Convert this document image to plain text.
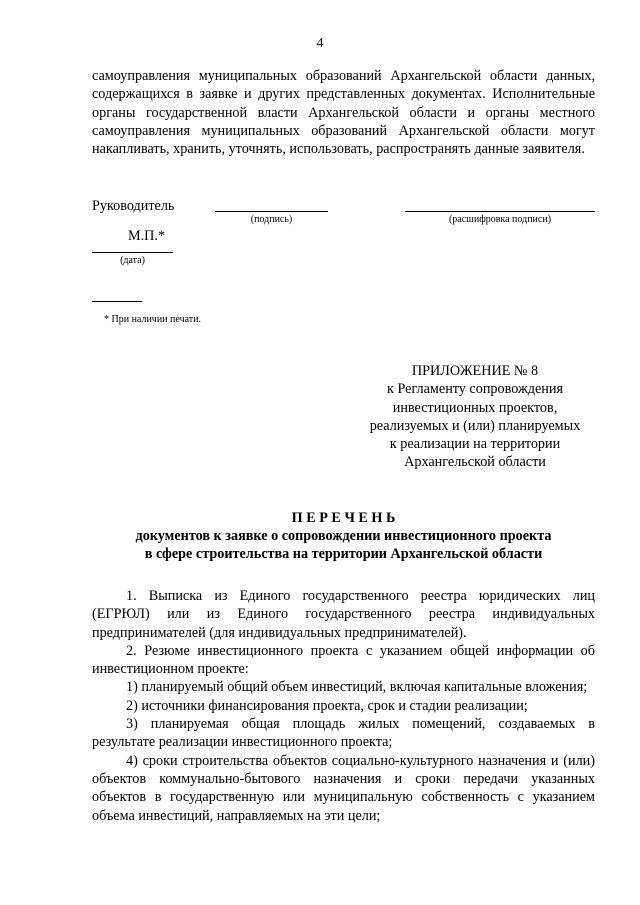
4

самоуправления муниципальных образований Архангельской области данных, содержащихся в заявке и других представленных документах. Исполнительные органы государственной власти Архангельской области и органы местного самоуправления муниципальных образований Архангельской области могут накапливать, хранить, уточнять, использовать, распространять данные заявителя.

Руководитель
(подпись)	(расшифровка подписи)
М.П.*
(дата)
* При наличии печати.
ПРИЛОЖЕНИЕ № 8
к Регламенту сопровождения
инвестиционных проектов,
реализуемых и (или) планируемых
к реализации на территории
Архангельской области
П Е Р Е Ч Е Н Ь
документов к заявке о сопровождении инвестиционного проекта
в сфере строительства на территории Архангельской области

1. Выписка из Единого государственного реестра юридических лиц (ЕГРЮЛ) или из Единого государственного реестра индивидуальных предпринимателей (для индивидуальных предпринимателей).

2. Резюме инвестиционного проекта с указанием общей информации об инвестиционном проекте:

1) планируемый общий объем инвестиций, включая капитальные вложения;

2) источники финансирования проекта, срок и стадии реализации;

3) планируемая общая площадь жилых помещений, создаваемых в результате реализации инвестиционного проекта;

4) сроки строительства объектов социально-культурного назначения и (или) объектов коммунально-бытового назначения и сроки передачи указанных объектов в государственную или муниципальную собственность с указанием объема инвестиций, направляемых на эти цели;
